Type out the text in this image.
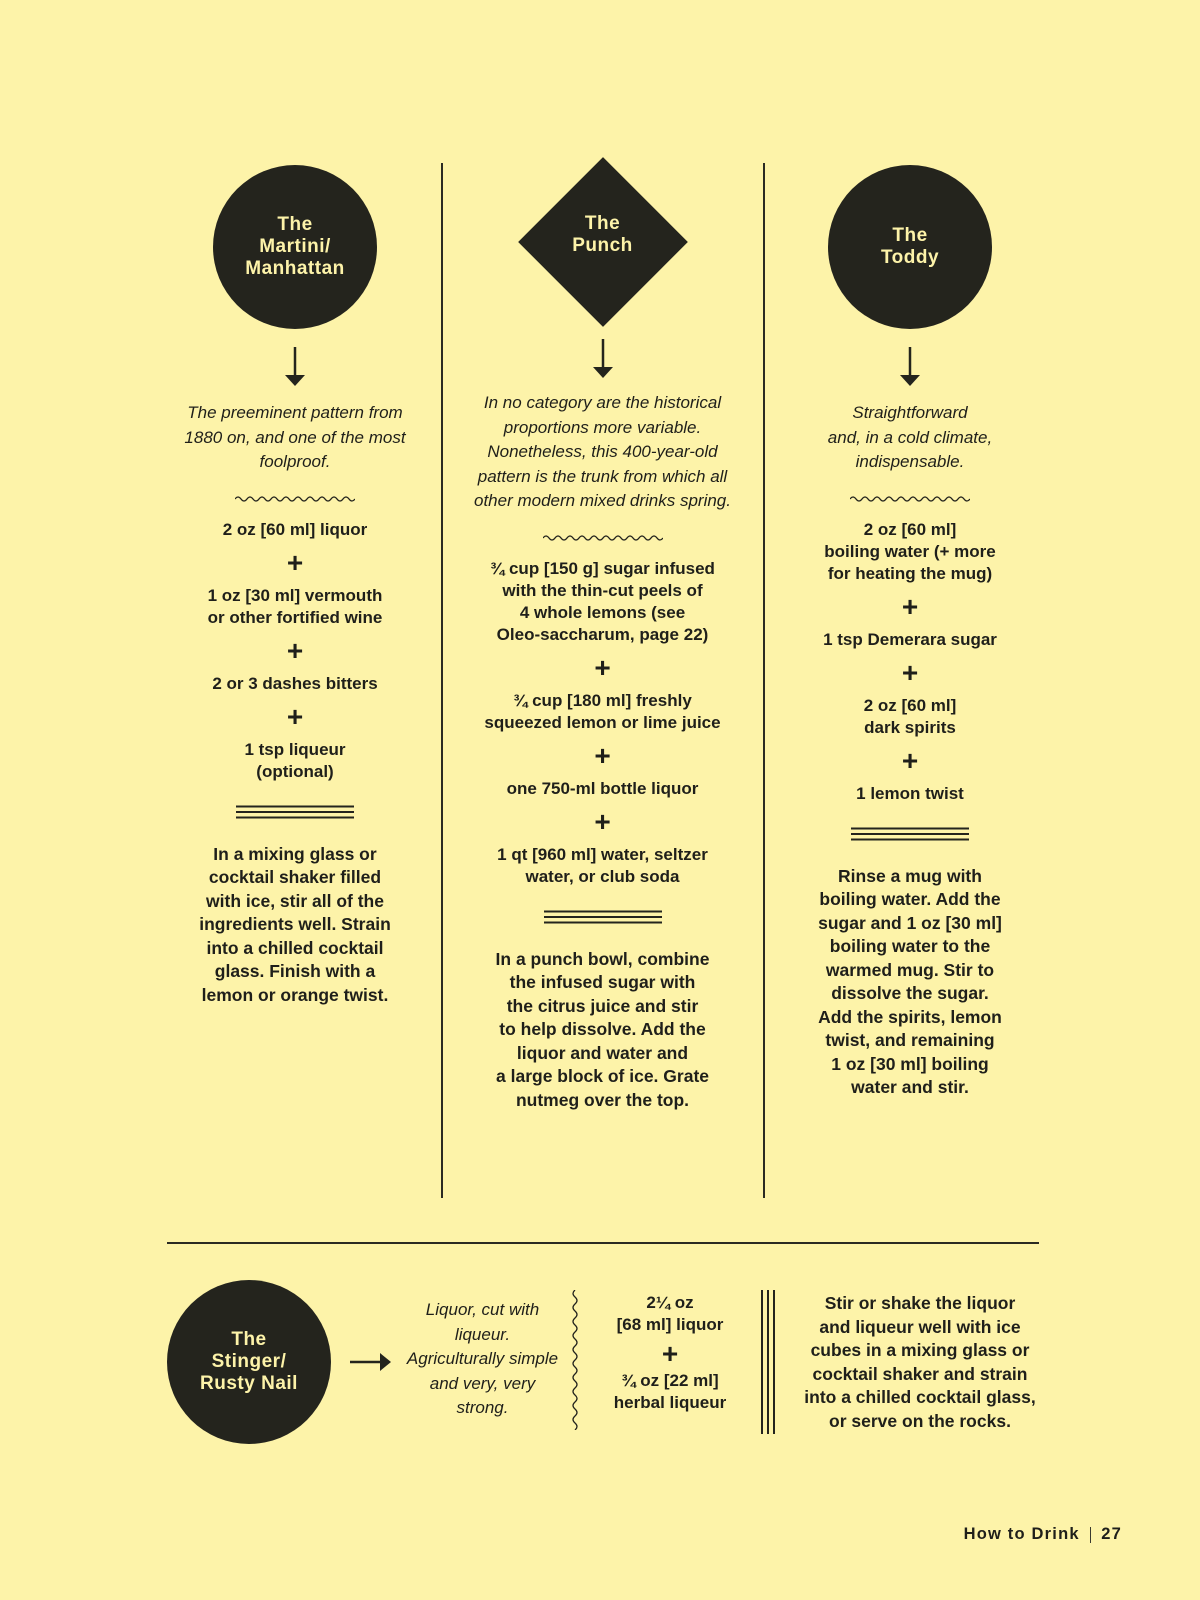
The
Martini/
Manhattan
The preeminent pattern from 1880 on, and one of the most foolproof.
2 oz [60 ml] liquor
+
1 oz [30 ml] vermouth
or other fortified wine
+
2 or 3 dashes bitters
+
1 tsp liqueur
(optional)
In a mixing glass or
cocktail shaker filled
with ice, stir all of the
ingredients well. Strain
into a chilled cocktail
glass. Finish with a
lemon or orange twist.
The
Punch
In no category are the historical proportions more variable. Nonetheless, this 400-year-old pattern is the trunk from which all other modern mixed drinks spring.
¾ cup [150 g] sugar infused
with the thin-cut peels of
4 whole lemons (see
Oleo-saccharum, page 22)
+
¾ cup [180 ml] freshly
squeezed lemon or lime juice
+
one 750-ml bottle liquor
+
1 qt [960 ml] water, seltzer
water, or club soda
In a punch bowl, combine
the infused sugar with
the citrus juice and stir
to help dissolve. Add the
liquor and water and
a large block of ice. Grate
nutmeg over the top.
The
Toddy
Straightforward
and, in a cold climate,
indispensable.
2 oz [60 ml]
boiling water (+ more
for heating the mug)
+
1 tsp Demerara sugar
+
2 oz [60 ml]
dark spirits
+
1 lemon twist
Rinse a mug with
boiling water. Add the
sugar and 1 oz [30 ml]
boiling water to the
warmed mug. Stir to
dissolve the sugar.
Add the spirits, lemon
twist, and remaining
1 oz [30 ml] boiling
water and stir.
The
Stinger/
Rusty Nail
Liquor, cut with liqueur. Agriculturally simple and very, very strong.
2¼ oz
[68 ml] liquor
+
¾ oz [22 ml]
herbal liqueur
Stir or shake the liquor
and liqueur well with ice
cubes in a mixing glass or
cocktail shaker and strain
into a chilled cocktail glass,
or serve on the rocks.
How to Drink 27
